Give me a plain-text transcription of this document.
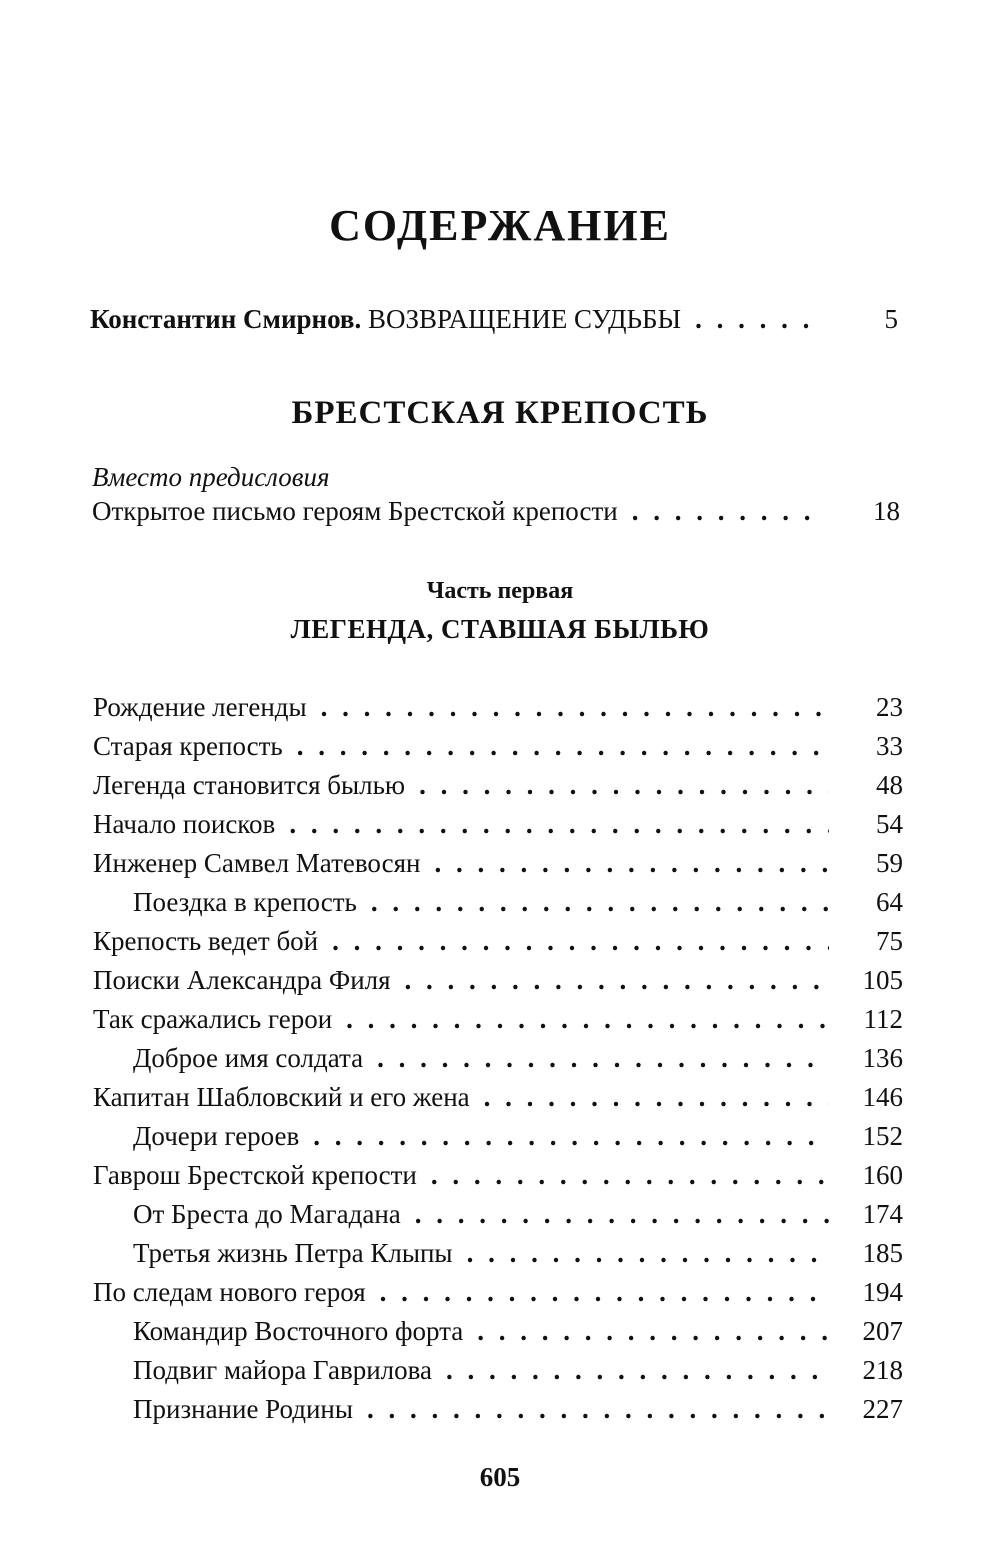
СОДЕРЖАНИЕ
Константин Смирнов. ВОЗВРАЩЕНИЕ СУДЬБЫ . . .	5
БРЕСТСКАЯ КРЕПОСТЬ
Вместо предисловия
Открытое письмо героям Брестской крепости . . .	18
Часть первая
ЛЕГЕНДА, СТАВШАЯ БЫЛЬЮ
Рождение легенды . . .	23
Старая крепость . . .	33
Легенда становится былью . . .	48
Начало поисков . . .	54
Инженер Самвел Матевосян . . .	59
Поездка в крепость . . .	64
Крепость ведет бой . . .	75
Поиски Александра Филя . . .	105
Так сражались герои . . .	112
Доброе имя солдата . . .	136
Капитан Шабловский и его жена . . .	146
Дочери героев . . .	152
Гаврош Брестской крепости . . .	160
От Бреста до Магадана . . .	174
Третья жизнь Петра Клыпы . . .	185
По следам нового героя . . .	194
Командир Восточного форта . . .	207
Подвиг майора Гаврилова . . .	218
Признание Родины . . .	227
605
